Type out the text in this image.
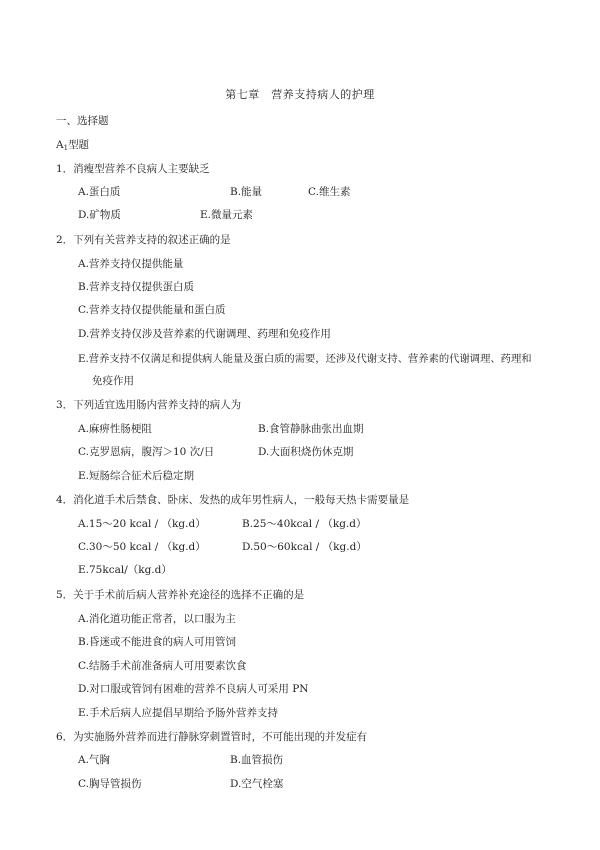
第七章　营养支持病人的护理
一、选择题
$A_1$型题
1．消瘦型营养不良病人主要缺乏
A.蛋白质	B.能量	C.维生素
D.矿物质	E.微量元素
2．下列有关营养支持的叙述正确的是
A.营养支持仅提供能量
B.营养支持仅提供蛋白质
C.营养支持仅提供能量和蛋白质
D.营养支持仅涉及营养素的代谢调理、药理和免疫作用
E.营养支持不仅满足和提供病人能量及蛋白质的需要，还涉及代谢支持、营养素的代谢调理、药理和
免疫作用
3．下列适宜选用肠内营养支持的病人为
A.麻痹性肠梗阻	B.食管静脉曲张出血期
C.克罗恩病，腹泻＞10 次/日	D.大面积烧伤休克期
E.短肠综合征术后稳定期
4．消化道手术后禁食、卧床、发热的成年男性病人，一般每天热卡需要量是
A.15～20 kcal / （kg.d）	B.25～40kcal / （kg.d）
C.30～50 kcal / （kg.d）	D.50～60kcal / （kg.d）
E.75kcal/（kg.d）
5．关于手术前后病人营养补充途径的选择不正确的是
A.消化道功能正常者，以口服为主
B.昏迷或不能进食的病人可用管饲
C.结肠手术前准备病人可用要素饮食
D.对口服或管饲有困难的营养不良病人可采用 PN
E.手术后病人应提倡早期给予肠外营养支持
6．为实施肠外营养而进行静脉穿刺置管时，不可能出现的并发症有
A.气胸	B.血管损伤
C.胸导管损伤	D.空气栓塞
